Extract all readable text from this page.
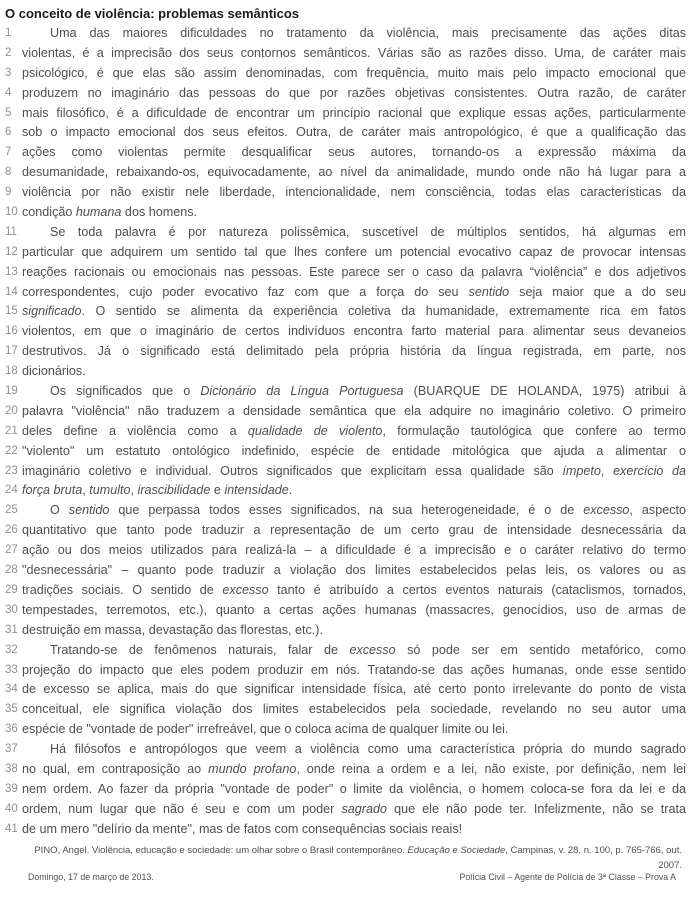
O conceito de violência: problemas semânticos
1	Uma das maiores dificuldades no tratamento da violência, mais precisamente das ações ditas
2 violentas, é a imprecisão dos seus contornos semânticos. Várias são as razões disso. Uma, de caráter mais
3 psicológico, é que elas são assim denominadas, com frequência, muito mais pelo impacto emocional que
4 produzem no imaginário das pessoas do que por razões objetivas consistentes. Outra razão, de caráter
5 mais filosófico, é a dificuldade de encontrar um princípio racional que explique essas ações, particularmente
6 sob o impacto emocional dos seus efeitos. Outra, de caráter mais antropológico, é que a qualificação das
7 ações como violentas permite desqualificar seus autores, tornando-os a expressão máxima da
8 desumanidade, rebaixando-os, equivocadamente, ao nível da animalidade, mundo onde não há lugar para a
9 violência por não existir nele liberdade, intencionalidade, nem consciência, todas elas características da
10 condição humana dos homens.
11	Se toda palavra é por natureza polissêmica, suscetível de múltiplos sentidos, há algumas em
12 particular que adquirem um sentido tal que lhes confere um potencial evocativo capaz de provocar intensas
13 reações racionais ou emocionais nas pessoas. Este parece ser o caso da palavra “violência” e dos adjetivos
14 correspondentes, cujo poder evocativo faz com que a força do seu sentido seja maior que a do seu
15 significado. O sentido se alimenta da experiência coletiva da humanidade, extremamente rica em fatos
16 violentos, em que o imaginário de certos indivíduos encontra farto material para alimentar seus devaneios
17 destrutivos. Já o significado está delimitado pela própria história da língua registrada, em parte, nos
18 dicionários.
19	Os significados que o Dicionário da Língua Portuguesa (BUARQUE DE HOLANDA, 1975) atribui à
20 palavra "violência" não traduzem a densidade semântica que ela adquire no imaginário coletivo. O primeiro
21 deles define a violência como a qualidade de violento, formulação tautológica que confere ao termo
22 "violento" um estatuto ontológico indefinido, espécie de entidade mitológica que ajuda a alimentar o
23 imaginário coletivo e individual. Outros significados que explicitam essa qualidade são ímpeto, exercício da
24 força bruta, tumulto, irascibilidade e intensidade.
25	O sentido que perpassa todos esses significados, na sua heterogeneidade, é o de excesso, aspecto
26 quantitativo que tanto pode traduzir a representação de um certo grau de intensidade desnecessária da
27 ação ou dos meios utilizados para realizá-la – a dificuldade é a imprecisão e o caráter relativo do termo
28 "desnecessária" – quanto pode traduzir a violação dos limites estabelecidos pelas leis, os valores ou as
29 tradições sociais. O sentido de excesso tanto é atribuído a certos eventos naturais (cataclismos, tornados,
30 tempestades, terremotos, etc.), quanto a certas ações humanas (massacres, genocídios, uso de armas de
31 destruição em massa, devastação das florestas, etc.).
32	Tratando-se de fenômenos naturais, falar de excesso só pode ser em sentido metafórico, como
33 projeção do impacto que eles podem produzir em nós. Tratando-se das ações humanas, onde esse sentido
34 de excesso se aplica, mais do que significar intensidade física, até certo ponto irrelevante do ponto de vista
35 conceitual, ele significa violação dos limites estabelecidos pela sociedade, revelando no seu autor uma
36 espécie de "vontade de poder" irrefreável, que o coloca acima de qualquer limite ou lei.
37	Há filósofos e antropólogos que veem a violência como uma característica própria do mundo sagrado
38 no qual, em contraposição ao mundo profano, onde reina a ordem e a lei, não existe, por definição, nem lei
39 nem ordem. Ao fazer da própria "vontade de poder" o limite da violência, o homem coloca-se fora da lei e da
40 ordem, num lugar que não é seu e com um poder sagrado que ele não pode ter. Infelizmente, não se trata
41 de um mero "delírio da mente", mas de fatos com consequências sociais reais!
PINO, Angel. Violência, educação e sociedade: um olhar sobre o Brasil contemporâneo. Educação e Sociedade, Campinas, v. 28, n. 100, p. 765-766, out. 2007.
Domingo, 17 de março de 2013.	Polícia Civil – Agente de Polícia de 3ª Classe – Prova A
